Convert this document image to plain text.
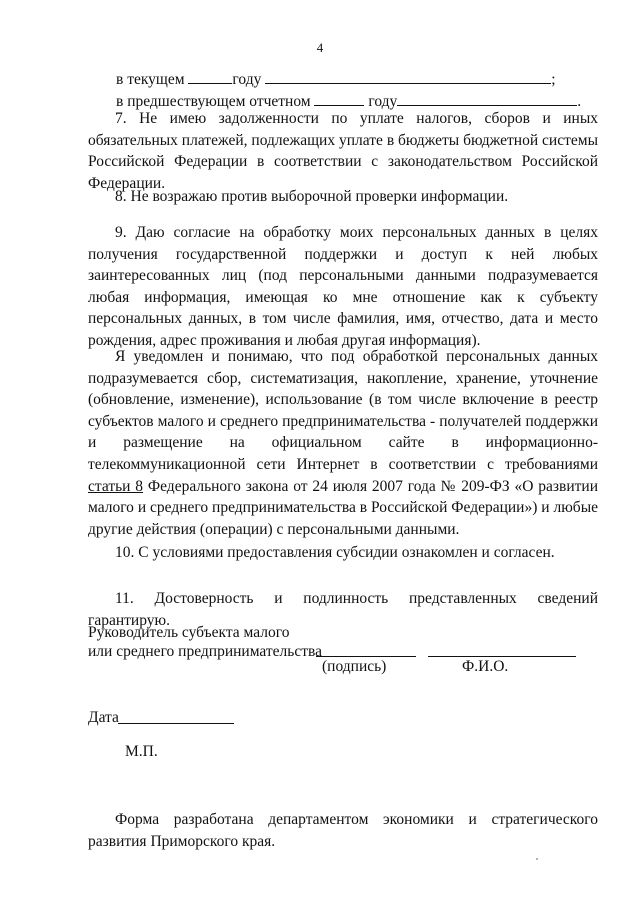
4
в текущем	году	;
в предшествующем отчетном	году	.

7. Не имею задолженности по уплате налогов, сборов и иных обязательных платежей, подлежащих уплате в бюджеты бюджетной системы Российской Федерации в соответствии с законодательством Российской Федерации.

8. Не возражаю против выборочной проверки информации.

9. Даю согласие на обработку моих персональных данных в целях получения государственной поддержки и доступ к ней любых заинтересованных лиц (под персональными данными подразумевается любая информация, имеющая ко мне отношение как к субъекту персональных данных, в том числе фамилия, имя, отчество, дата и место рождения, адрес проживания и любая другая информация).

Я уведомлен и понимаю, что под обработкой персональных данных подразумевается сбор, систематизация, накопление, хранение, уточнение (обновление, изменение), использование (в том числе включение в реестр субъектов малого и среднего предпринимательства - получателей поддержки и размещение на официальном сайте в информационно-телекоммуникационной сети Интернет в соответствии с требованиями статьи 8 Федерального закона от 24 июля 2007 года № 209-ФЗ «О развитии малого и среднего предпринимательства в Российской Федерации») и любые другие действия (операции) с персональными данными.

10. С условиями предоставления субсидии ознакомлен и согласен.

11. Достоверность и подлинность представленных сведений гарантирую.

Руководитель субъекта малого
или среднего предпринимательства
(подпись)	Ф.И.О.
Дата
М.П.

Форма разработана департаментом экономики и стратегического развития Приморского края.
